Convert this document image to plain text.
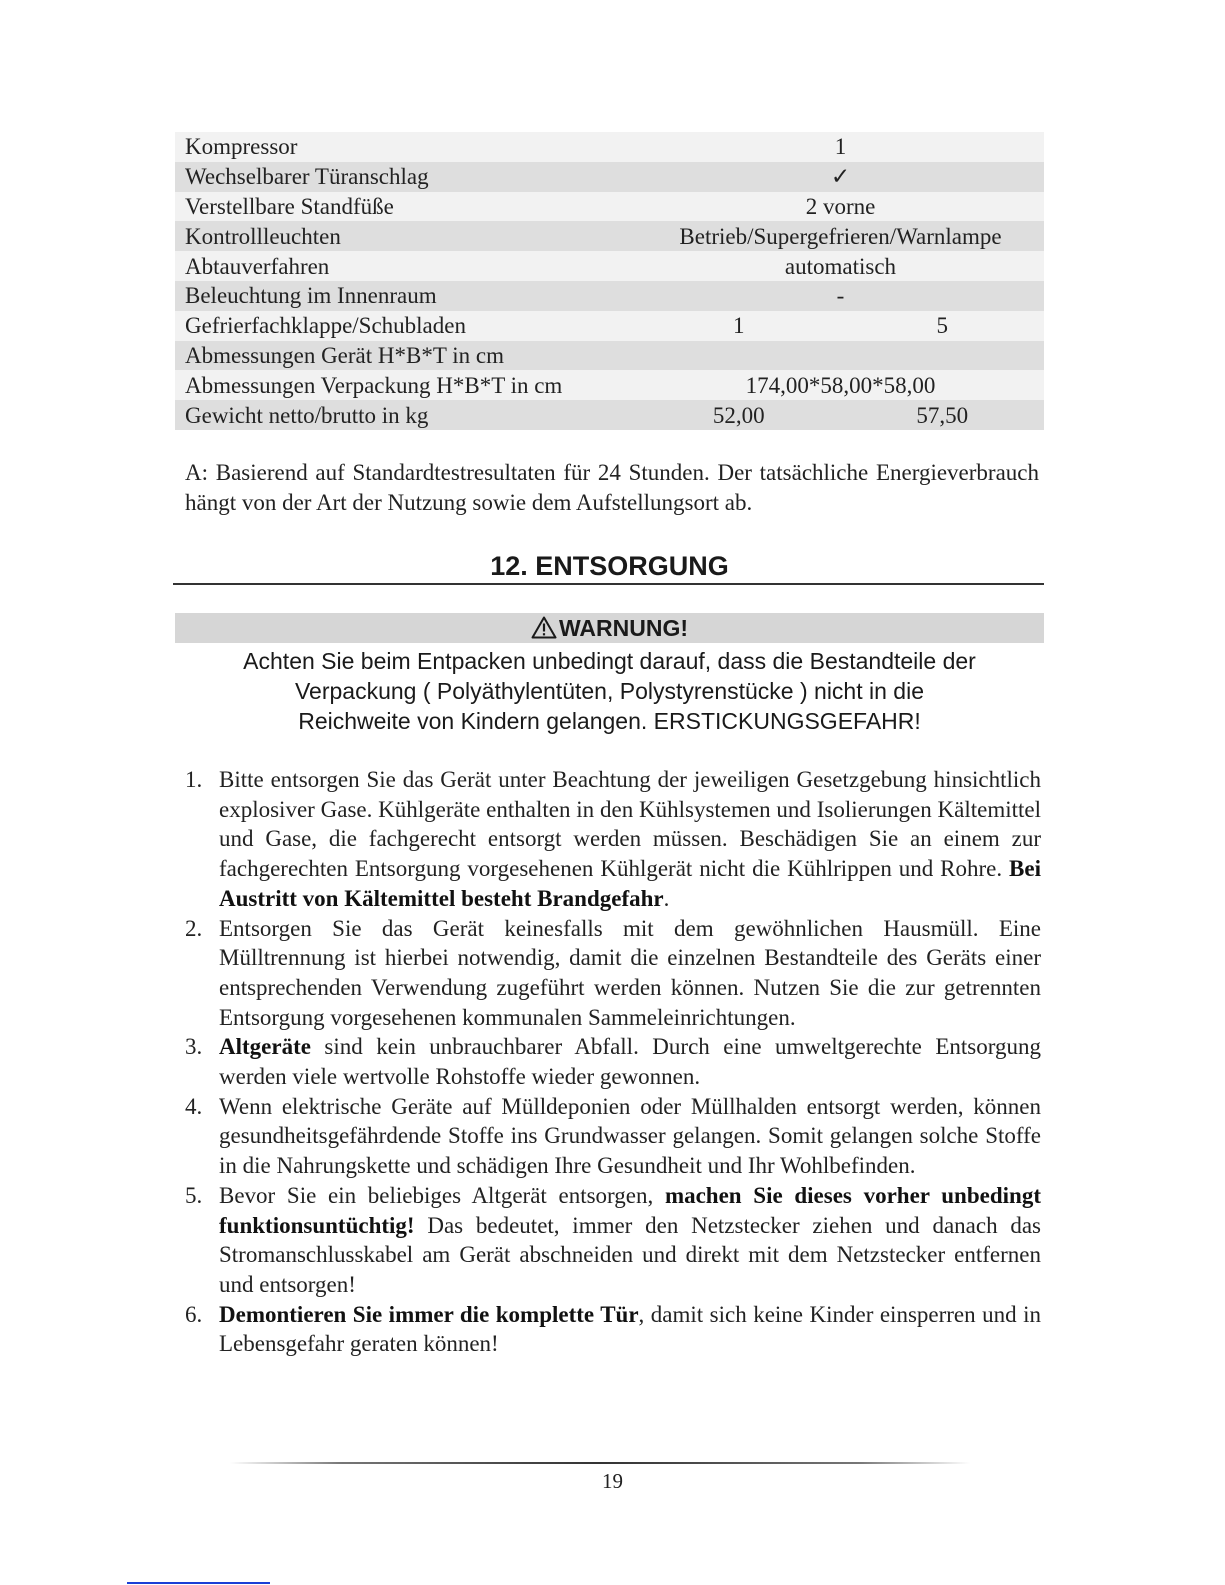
Kompressor	1
Wechselbarer Türanschlag	✓
Verstellbare Standfüße	2 vorne
Kontrollleuchten	Betrieb/Supergefrieren/Warnlampe
Abtauverfahren	automatisch
Beleuchtung im Innenraum	-
Gefrierfachklappe/Schubladen	1 5

Abmessungen Gerät H*B*T in cm	
Abmessungen Verpackung H*B*T in cm	174,00*58,00*58,00
Gewicht netto/brutto in kg	52,00 57,50

A: Basierend auf Standardtestresultaten für 24 Stunden. Der tatsächliche Energieverbrauch hängt von der Art der Nutzung sowie dem Aufstellungsort ab.

12. ENTSORGUNG
WARNUNG!
Achten Sie beim Entpacken unbedingt darauf, dass die Bestandteile der
Verpackung ( Polyäthylentüten, Polystyrenstücke ) nicht in die
Reichweite von Kindern gelangen. ERSTICKUNGSGEFAHR!
1. Bitte entsorgen Sie das Gerät unter Beachtung der jeweiligen Gesetzgebung hinsichtlich explosiver Gase. Kühlgeräte enthalten in den Kühlsystemen und Isolierungen Kältemittel und Gase, die fachgerecht entsorgt werden müssen. Beschädigen Sie an einem zur fachgerechten Entsorgung vorgesehenen Kühlgerät nicht die Kühlrippen und Rohre. Bei Austritt von Kältemittel besteht Brandgefahr.
2. Entsorgen Sie das Gerät keinesfalls mit dem gewöhnlichen Hausmüll. Eine Mülltrennung ist hierbei notwendig, damit die einzelnen Bestandteile des Geräts einer entsprechenden Verwendung zugeführt werden können. Nutzen Sie die zur getrennten Entsorgung vorgesehenen kommunalen Sammeleinrichtungen.
3. Altgeräte sind kein unbrauchbarer Abfall. Durch eine umweltgerechte Entsorgung werden viele wertvolle Rohstoffe wieder gewonnen.
4. Wenn elektrische Geräte auf Mülldeponien oder Müllhalden entsorgt werden, können gesundheitsgefährdende Stoffe ins Grundwasser gelangen. Somit gelangen solche Stoffe in die Nahrungskette und schädigen Ihre Gesundheit und Ihr Wohlbefinden.
5. Bevor Sie ein beliebiges Altgerät entsorgen, machen Sie dieses vorher unbedingt funktionsuntüchtig! Das bedeutet, immer den Netzstecker ziehen und danach das Stromanschlusskabel am Gerät abschneiden und direkt mit dem Netzstecker entfernen und entsorgen!
6. Demontieren Sie immer die komplette Tür, damit sich keine Kinder einsperren und in Lebensgefahr geraten können!
19
